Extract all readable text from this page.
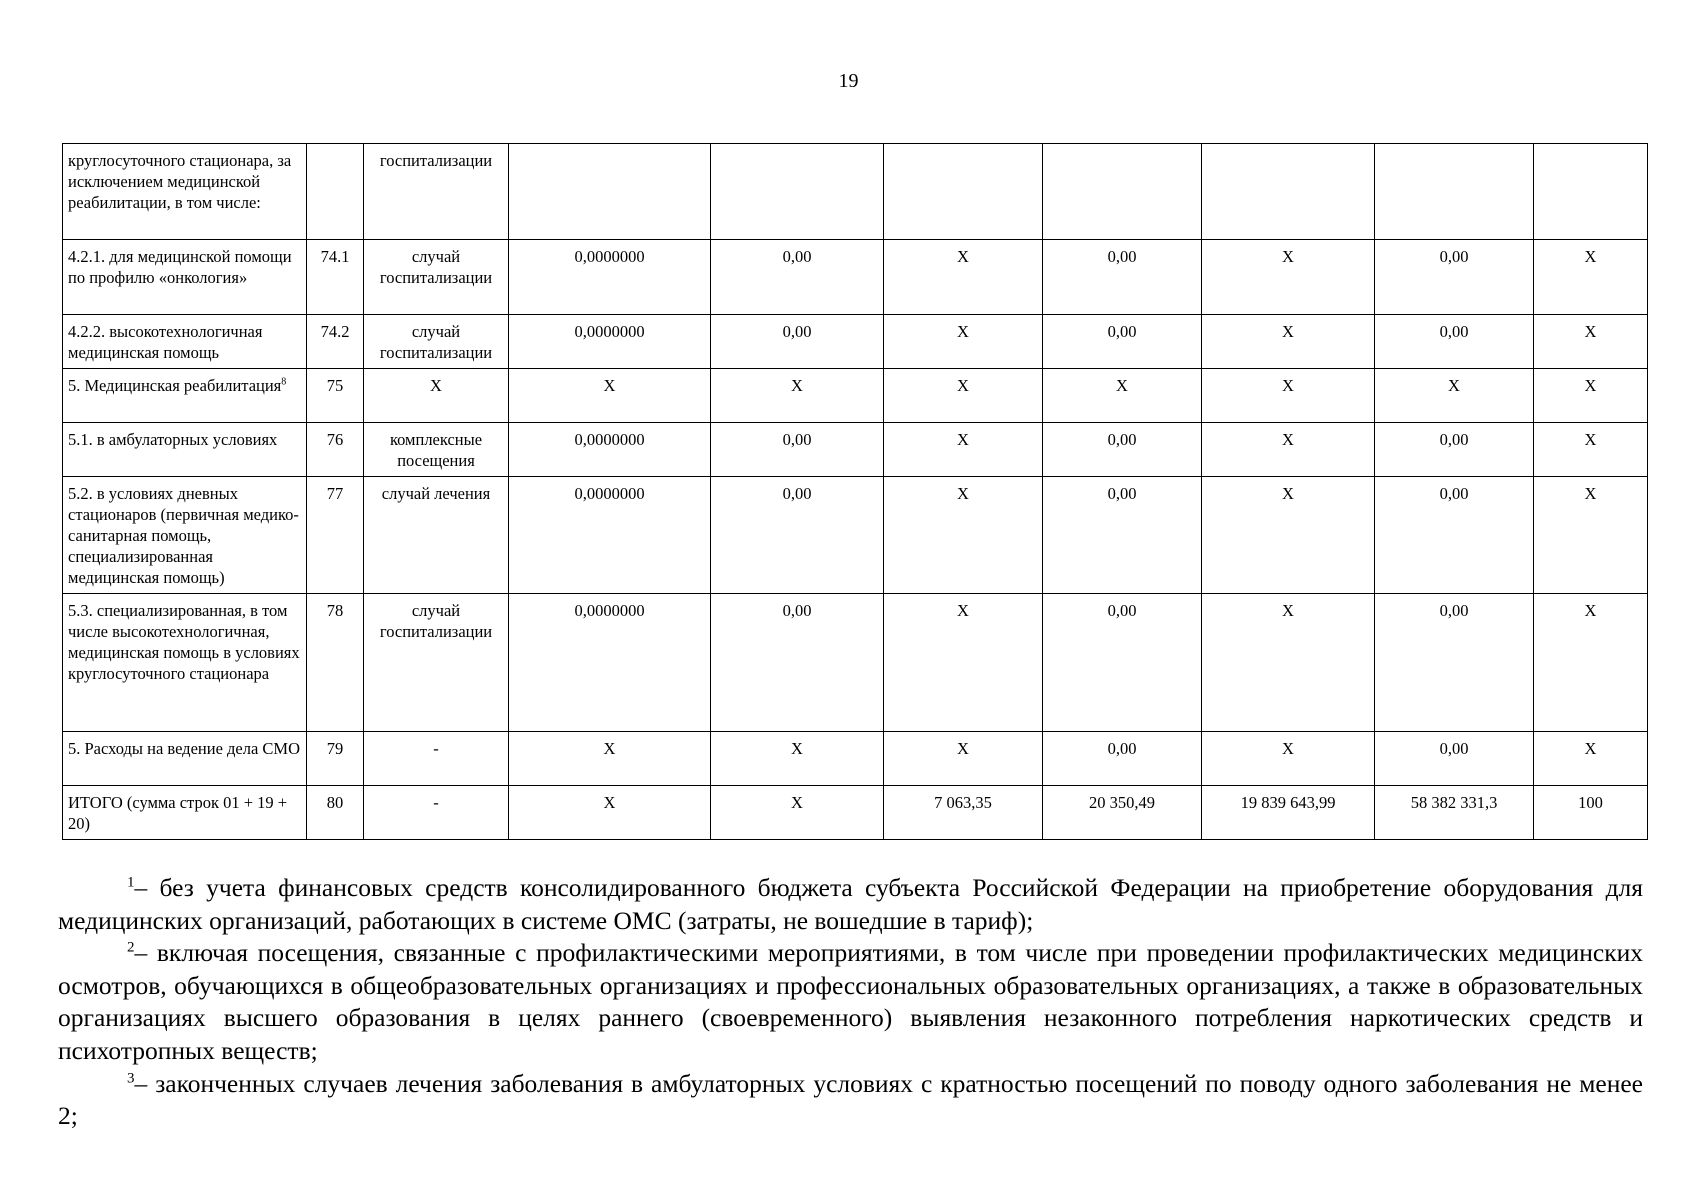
19
круглосуточного стационара, за исключением медицинской реабилитации, в том числе:		госпитализации							
4.2.1. для медицинской помощи по профилю «онкология»	74.1	случай госпитализации	0,0000000	0,00	X	0,00	X	0,00	X
4.2.2. высокотехнологичная медицинская помощь	74.2	случай госпитализации	0,0000000	0,00	X	0,00	X	0,00	X
5. Медицинская реабилитация$^8$	75	X	X	X	X	X	X	X	X
5.1. в амбулаторных условиях	76	комплексные посещения	0,0000000	0,00	X	0,00	X	0,00	X
5.2. в условиях дневных стационаров (первичная медико-санитарная помощь, специализированная медицинская помощь)	77	случай лечения	0,0000000	0,00	X	0,00	X	0,00	X
5.3. специализированная, в том числе высокотехнологичная, медицинская помощь в условиях круглосуточного стационара	78	случай госпитализации	0,0000000	0,00	X	0,00	X	0,00	X
5. Расходы на ведение дела СМО	79	-	X	X	X	0,00	X	0,00	X
ИТОГО (сумма строк 01 + 19 + 20)	80	-	X	X	7 063,35	20 350,49	19 839 643,99	58 382 331,3	100
$^1$– без учета финансовых средств консолидированного бюджета субъекта Российской Федерации на приобретение оборудования для медицинских организаций, работающих в системе ОМС (затраты, не вошедшие в тариф);
$^2$– включая посещения, связанные с профилактическими мероприятиями, в том числе при проведении профилактических медицинских осмотров, обучающихся в общеобразовательных организациях и профессиональных образовательных организациях, а также в образовательных организациях высшего образования в целях раннего (своевременного) выявления незаконного потребления наркотических средств и психотропных веществ;
$^3$– законченных случаев лечения заболевания в амбулаторных условиях с кратностью посещений по поводу одного заболевания не менее 2;
